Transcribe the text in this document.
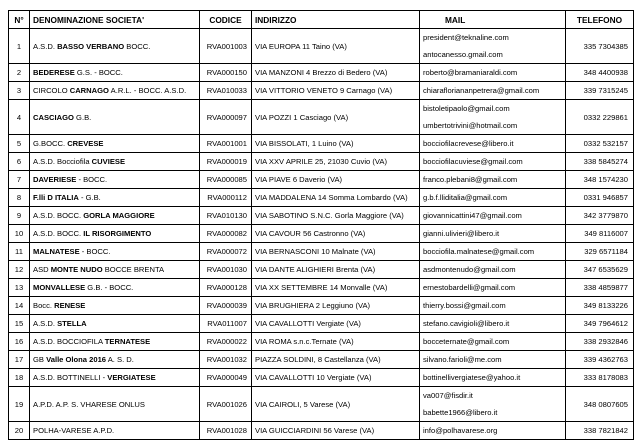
N°	DENOMINAZIONE SOCIETA'	CODICE	INDIRIZZO	MAIL	TELEFONO
1	A.S.D. BASSO VERBANO BOCC.	RVA001003	VIA EUROPA 11 Taino (VA)	president@teknaline.com
antocanesso.gmail.com	335 7304385
2	BEDERESE G.S. - BOCC.	RVA000150	VIA MANZONI 4 Brezzo di Bedero (VA)	roberto@bramaniaraldi.com	348 4400938
3	CIRCOLO CARNAGO A.R.L. - BOCC. A.S.D.	RVA010033	VIA VITTORIO VENETO 9 Carnago (VA)	chiarafloriananpetrera@gmail.com	339 7315245
4	CASCIAGO G.B.	RVA000097	VIA POZZI 1 Casciago (VA)	bistoletipaolo@gmail.com
umbertotrivini@hotmail.com	0332 229861
5	G.BOCC. CREVESE	RVA001001	VIA BISSOLATI, 1 Luino (VA)	bocciofilacrevese@libero.it	0332 532157
6	A.S.D. Bocciofila CUVIESE	RVA000019	VIA XXV APRILE 25, 21030 Cuvio (VA)	bocciofilacuviese@gmail.com	338 5845274
7	DAVERIESE - BOCC.	RVA000085	VIA PIAVE 6 Daverio (VA)	franco.plebani8@gmail.com	348 1574230
8	F.lli D ITALIA - G.B.	RVA000112	VIA MADDALENA 14 Somma Lombardo (VA)	g.b.f.lliditalia@gmail.com	0331 946857
9	A.S.D. BOCC. GORLA MAGGIORE	RVA010130	VIA SABOTINO S.N.C. Gorla Maggiore (VA)	giovannicattini47@gmail.com	342 3779870
10	A.S.D. BOCC. IL RISORGIMENTO	RVA000082	VIA CAVOUR 56 Castronno (VA)	gianni.ulivieri@libero.it	349 8116007
11	MALNATESE - BOCC.	RVA000072	VIA BERNASCONI 10 Malnate (VA)	bocciofila.malnatese@gmail.com	329 6571184
12	ASD MONTE NUDO BOCCE BRENTA	RVA001030	VIA DANTE ALIGHIERI Brenta (VA)	asdmontenudo@gmail.com	347 6535629
13	MONVALLESE G.B. - BOCC.	RVA000128	VIA XX SETTEMBRE 14 Monvalle (VA)	ernestobardelli@gmail.com	338 4859877
14	Bocc. RENESE	RVA000039	VIA BRUGHIERA 2 Leggiuno (VA)	thierry.bossi@gmail.com	349 8133226
15	A.S.D. STELLA	RVA011007	VIA CAVALLOTTI Vergiate (VA)	stefano.cavigioli@libero.it	349 7964612
16	A.S.D. BOCCIOFILA TERNATESE	RVA000022	VIA ROMA s.n.c.Ternate (VA)	bocceternate@gmail.com	338 2932846
17	GB Valle Olona 2016 A. S. D.	RVA001032	PIAZZA SOLDINI, 8 Castellanza (VA)	silvano.farioli@me.com	339 4362763
18	A.S.D. BOTTINELLI - VERGIATESE	RVA000049	VIA CAVALLOTTI 10 Vergiate (VA)	bottinellivergiatese@yahoo.it	333 8178083
19	A.P.D. A.P. S. VHARESE ONLUS	RVA001026	VIA CAIROLI, 5 Varese (VA)	va007@fisdir.it
babette1966@libero.it	348 0807605
20	POLHA-VARESE A.P.D.	RVA001028	VIA GUICCIARDINI 56 Varese (VA)	info@polhavarese.org	338 7821842
